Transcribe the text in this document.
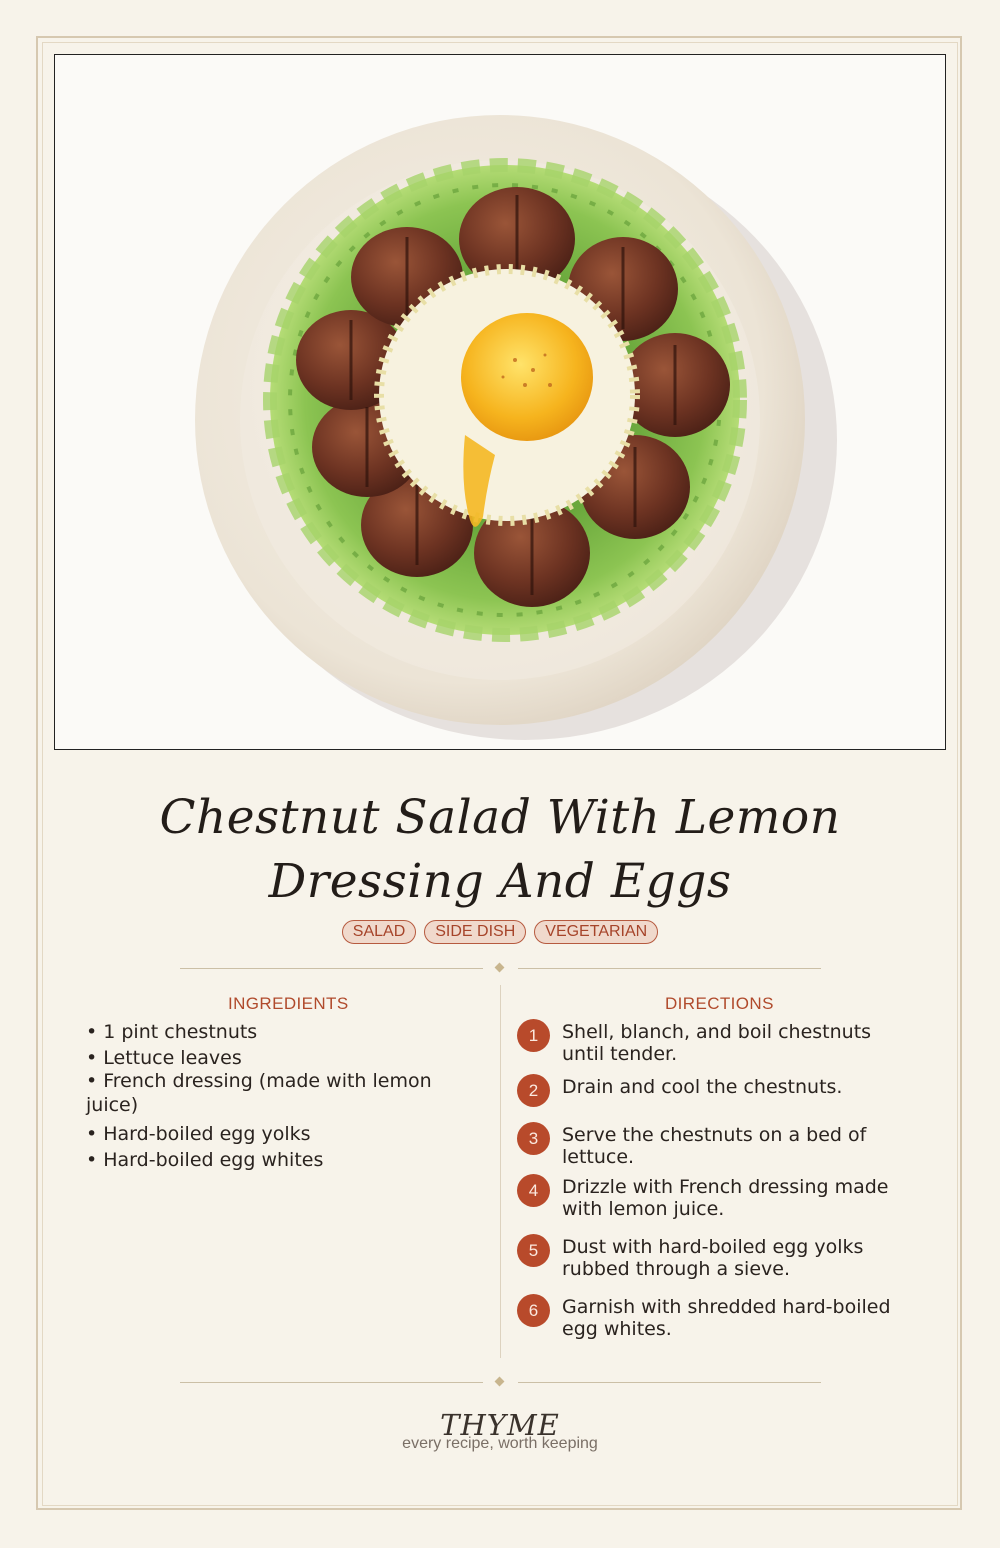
Chestnut Salad With Lemon Dressing And Eggs
SALAD	SIDE DISH	VEGETARIAN
INGREDIENTS
• 1 pint chestnuts
• Lettuce leaves
• French dressing (made with lemon juice)
• Hard-boiled egg yolks
• Hard-boiled egg whites
DIRECTIONS
1	Shell, blanch, and boil chestnuts until tender.
2	Drain and cool the chestnuts.
3	Serve the chestnuts on a bed of lettuce.
4	Drizzle with French dressing made with lemon juice.
5	Dust with hard-boiled egg yolks rubbed through a sieve.
6	Garnish with shredded hard-boiled egg whites.
THYME
every recipe, worth keeping
